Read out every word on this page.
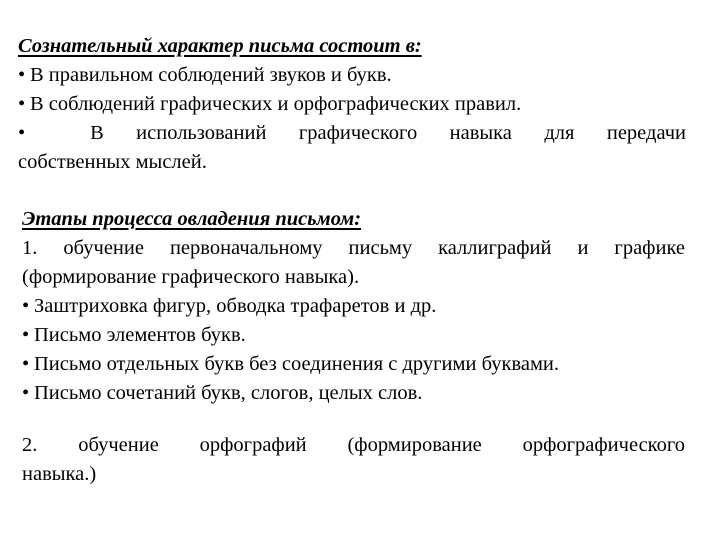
Сознательный характер письма состоит в:
• В правильном соблюдений звуков и букв.
• В соблюдений графических и орфографических правил.
•	В использований графического навыка для передачи
собственных мыслей.
Этапы процесса овладения письмом:
1. обучение первоначальному письму каллиграфий и графике
(формирование графического навыка).
• Заштриховка фигур, обводка трафаретов и др.
• Письмо элементов букв.
• Письмо отдельных букв без соединения с другими буквами.
• Письмо сочетаний букв, слогов, целых слов.
2. обучение орфографий (формирование орфографического
навыка.)
